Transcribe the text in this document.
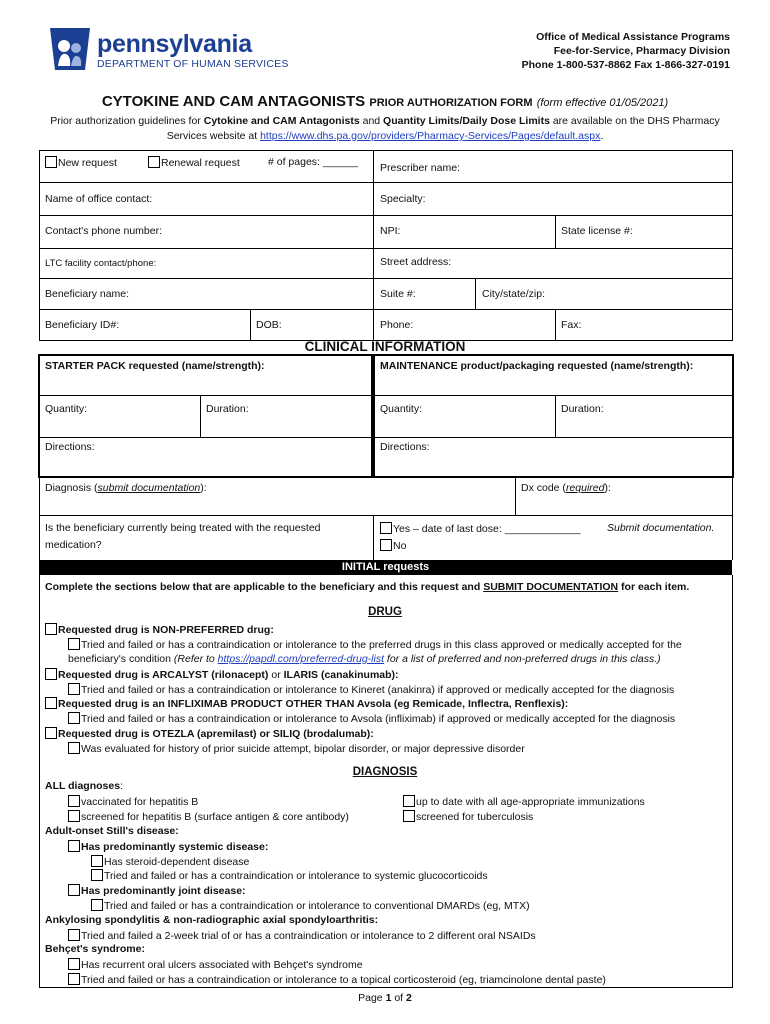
pennsylvania
DEPARTMENT OF HUMAN SERVICES
Office of Medical Assistance Programs
Fee-for-Service, Pharmacy Division
Phone 1-800-537-8862 Fax 1-866-327-0191
CYTOKINE AND CAM ANTAGONISTS PRIOR AUTHORIZATION FORM (form effective 01/05/2021)
Prior authorization guidelines for Cytokine and CAM Antagonists and Quantity Limits/Daily Dose Limits are available on the DHS Pharmacy Services website at https://www.dhs.pa.gov/providers/Pharmacy-Services/Pages/default.aspx.
New request	Renewal request	# of pages: ______ Prescriber name:
Name of office contact:	Specialty:
Contact's phone number:	NPI:	State license #:
LTC facility contact/phone:	Street address:
Beneficiary name:	Suite #:	City/state/zip:
Beneficiary ID#:	DOB:	Phone:	Fax:
CLINICAL INFORMATION
STARTER PACK requested (name/strength):	MAINTENANCE product/packaging requested (name/strength):
Quantity:	Duration:	Quantity:	Duration:
Directions:	Directions:
Diagnosis (submit documentation):	Dx code (required):
Is the beneficiary currently being treated with the requested
medication?
Yes – date of last dose: _____________	Submit documentation.
No
INITIAL requests
Complete the sections below that are applicable to the beneficiary and this request and SUBMIT DOCUMENTATION for each item.
DRUG
Requested drug is NON-PREFERRED drug:
Tried and failed or has a contraindication or intolerance to the preferred drugs in this class approved or medically accepted for the
beneficiary's condition (Refer to https://papdl.com/preferred-drug-list for a list of preferred and non-preferred drugs in this class.)
Requested drug is ARCALYST (rilonacept) or ILARIS (canakinumab):
Tried and failed or has a contraindication or intolerance to Kineret (anakinra) if approved or medically accepted for the diagnosis
Requested drug is an INFLIXIMAB PRODUCT OTHER THAN Avsola (eg Remicade, Inflectra, Renflexis):
Tried and failed or has a contraindication or intolerance to Avsola (infliximab) if approved or medically accepted for the diagnosis
Requested drug is OTEZLA (apremilast) or SILIQ (brodalumab):
Was evaluated for history of prior suicide attempt, bipolar disorder, or major depressive disorder
DIAGNOSIS
ALL diagnoses:
vaccinated for hepatitis B	up to date with all age-appropriate immunizations
screened for hepatitis B (surface antigen & core antibody)	screened for tuberculosis
Adult-onset Still's disease:
Has predominantly systemic disease:
Has steroid-dependent disease
Tried and failed or has a contraindication or intolerance to systemic glucocorticoids
Has predominantly joint disease:
Tried and failed or has a contraindication or intolerance to conventional DMARDs (eg, MTX)
Ankylosing spondylitis & non-radiographic axial spondyloarthritis:
Tried and failed a 2-week trial of or has a contraindication or intolerance to 2 different oral NSAIDs
Behçet's syndrome:
Has recurrent oral ulcers associated with Behçet's syndrome
Tried and failed or has a contraindication or intolerance to a topical corticosteroid (eg, triamcinolone dental paste)
Page 1 of 2
